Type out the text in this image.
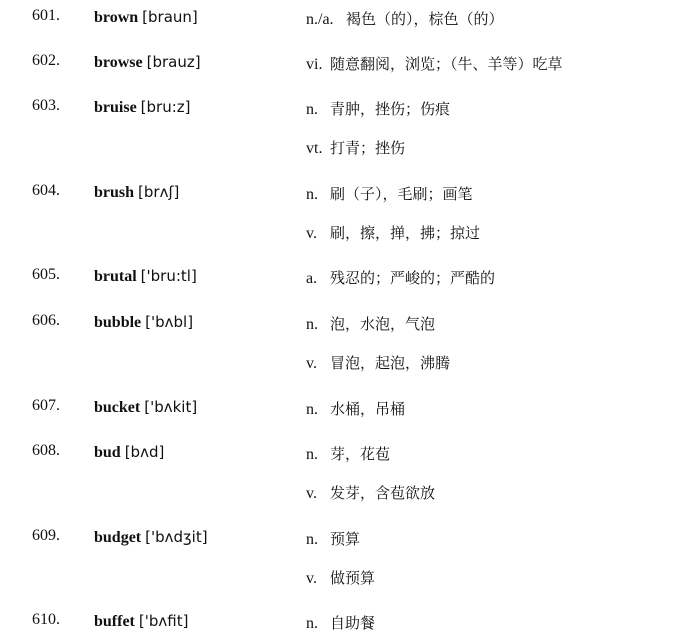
601. brown [braun]	n./a. 褐色（的），棕色（的）
602. browse [brauz]	vi. 随意翻阅，浏览；（牛、羊等）吃草
603. bruise [bru:z]	n. 青肿，挫伤；伤痕
vt. 打青；挫伤
604. brush [brʌʃ]	n. 刷（子），毛刷；画笔
v. 刷，擦，掸，拂；掠过
605. brutal ['bru:tl]	a. 残忍的；严峻的；严酷的
606. bubble ['bʌbl]	n. 泡，水泡，气泡
v. 冒泡，起泡，沸腾
607. bucket ['bʌkit]	n. 水桶，吊桶
608. bud [bʌd]	n. 芽，花苞
v. 发芽，含苞欲放
609. budget ['bʌdʒit]	n. 预算
v. 做预算
610. buffet ['bʌfit]	n. 自助餐
